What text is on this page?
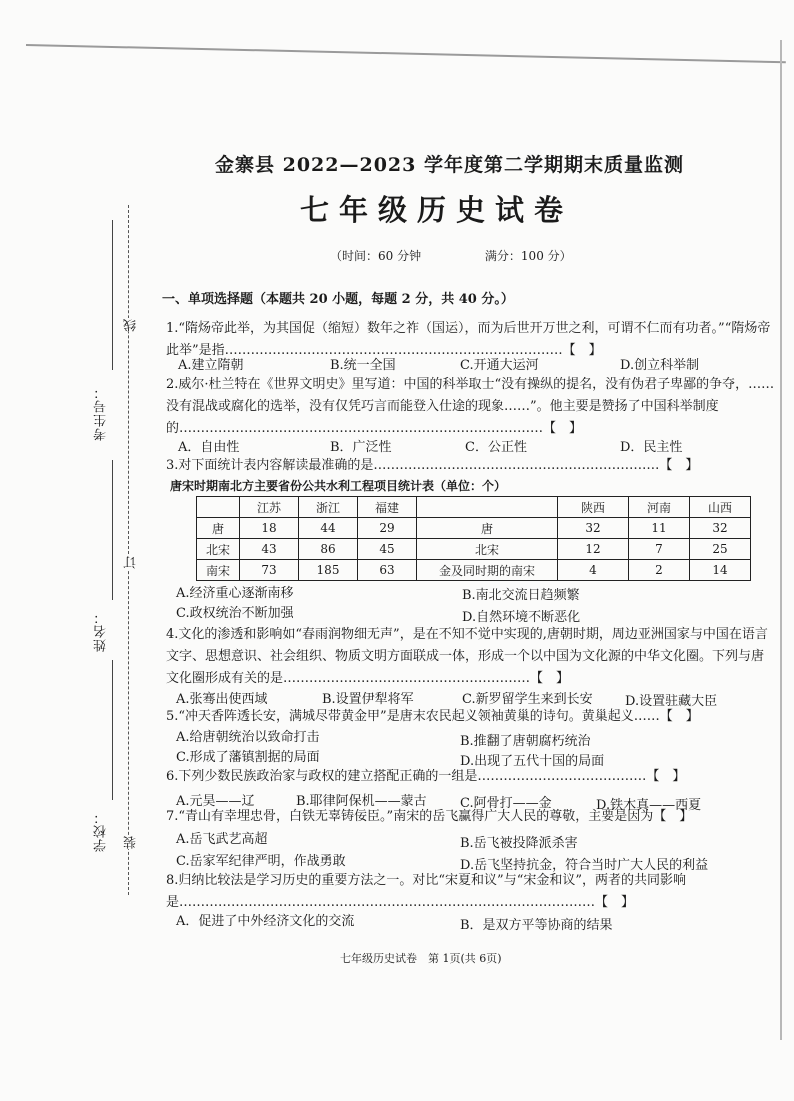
考生号：
姓名：
学校：
线
订
装
金寨县 2022—2023 学年度第二学期期末质量监测
七年级历史试卷
（时间：60 分钟	满分：100 分）
一、单项选择题（本题共 20 小题，每题 2 分，共 40 分。）
1.“隋炀帝此举，为其国促（缩短）数年之祚（国运），而为后世开万世之利，可谓不仁而有功者。”“隋炀帝此举”是指……………………………………………………………………【　】
A.建立隋朝	B.统一全国	C.开通大运河	D.创立科举制
2.威尔·杜兰特在《世界文明史》里写道：中国的科举取士“没有操纵的提名，没有伪君子卑鄙的争夺，……没有混战或腐化的选举，没有仅凭巧言而能登入仕途的现象……”。他主要是赞扬了中国科举制度的…………………………………………………………………………【　】
A．自由性	B．广泛性	C．公正性	D．民主性
3.对下面统计表内容解读最准确的是…………………………………………………………【　】
唐宋时期南北方主要省份公共水利工程项目统计表（单位：个）
	江苏	浙江	福建		陕西	河南	山西
唐	18	44	29	唐	32	11	32
北宋	43	86	45	北宋	12	7	25
南宋	73	185	63	金及同时期的南宋	4	2	14
A.经济重心逐渐南移	B.南北交流日趋频繁
C.政权统治不断加强	D.自然环境不断恶化
4.文化的渗透和影响如“春雨润物细无声”，是在不知不觉中实现的,唐朝时期，周边亚洲国家与中国在语言文字、思想意识、社会组织、物质文明方面联成一体，形成一个以中国为文化源的中华文化圈。下列与唐文化圈形成有关的是…………………………………………………【　】
A.张骞出使西域	B.设置伊犁将军	C.新罗留学生来到长安 D.设置驻藏大臣
5.“冲天香阵透长安，满城尽带黄金甲”是唐末农民起义领袖黄巢的诗句。黄巢起义……【　】
A.给唐朝统治以致命打击	B.推翻了唐朝腐朽统治
C.形成了藩镇割据的局面	D.出现了五代十国的局面
6.下列少数民族政治家与政权的建立搭配正确的一组是…………………………………【　】
A.元昊——辽	B.耶律阿保机——蒙古	C.阿骨打——金	D.铁木真——西夏
7.“青山有幸埋忠骨，白铁无辜铸佞臣。”南宋的岳飞赢得广大人民的尊敬，主要是因为【　】
A.岳飞武艺高超	B.岳飞被投降派杀害
C.岳家军纪律严明，作战勇敢	D.岳飞坚持抗金，符合当时广大人民的利益
8.归纳比较法是学习历史的重要方法之一。对比“宋夏和议”与“宋金和议”，两者的共同影响是……………………………………………………………………………………【　】
A．促进了中外经济文化的交流	B．是双方平等协商的结果
七年级历史试卷　第 1页(共 6页)
